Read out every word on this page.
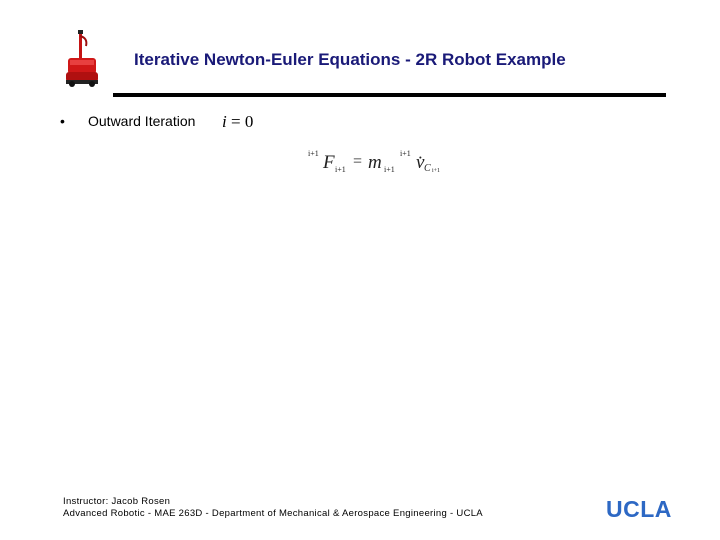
Iterative Newton-Euler Equations - 2R Robot Example
• Outward Iteration i = 0
i+1 F i+1 = m i+1
i+1 v̇ C i+1
Instructor: Jacob Rosen
Advanced Robotic - MAE 263D - Department of Mechanical & Aerospace Engineering - UCLA	UCLA
